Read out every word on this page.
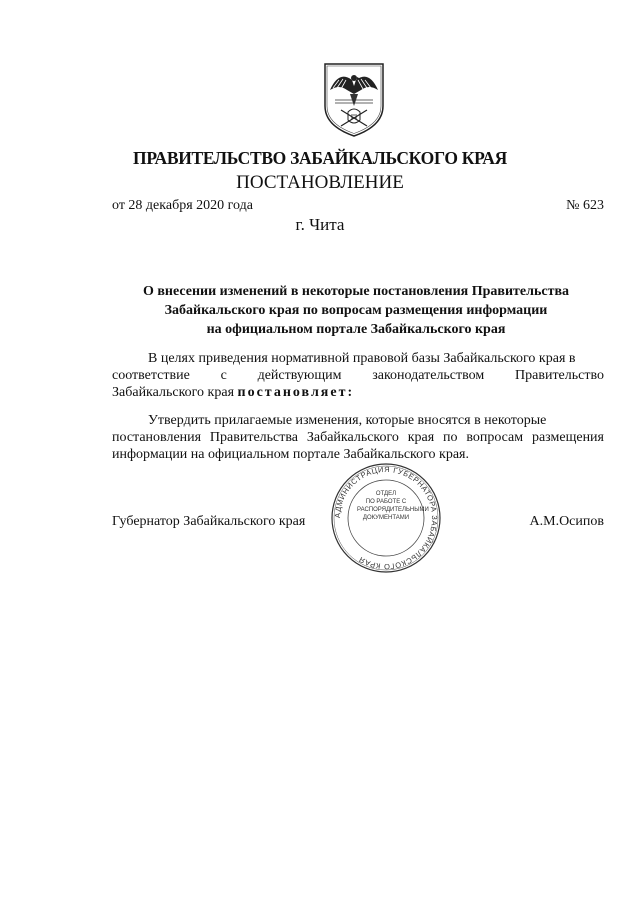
ПРАВИТЕЛЬСТВО ЗАБАЙКАЛЬСКОГО КРАЯ
ПОСТАНОВЛЕНИЕ
от 28 декабря 2020 года	№ 623
г. Чита
О внесении изменений в некоторые постановления Правительства
Забайкальского края по вопросам размещения информации
на официальном портале Забайкальского края
В целях приведения нормативной правовой базы Забайкальского края в
соответствие с действующим законодательством Правительство
Забайкальского края постановляет:
Утвердить прилагаемые изменения, которые вносятся в некоторые
постановления Правительства Забайкальского края по вопросам размещения
информации на официальном портале Забайкальского края.
АДМИНИСТРАЦИЯ ГУБЕРНАТОРА ЗАБАЙКАЛЬСКОГО КРАЯ
ОТДЕЛ
ПО РАБОТЕ С
РАСПОРЯДИТЕЛЬНЫМИ
ДОКУМЕНТАМИ
Губернатор Забайкальского края	А.М.Осипов
